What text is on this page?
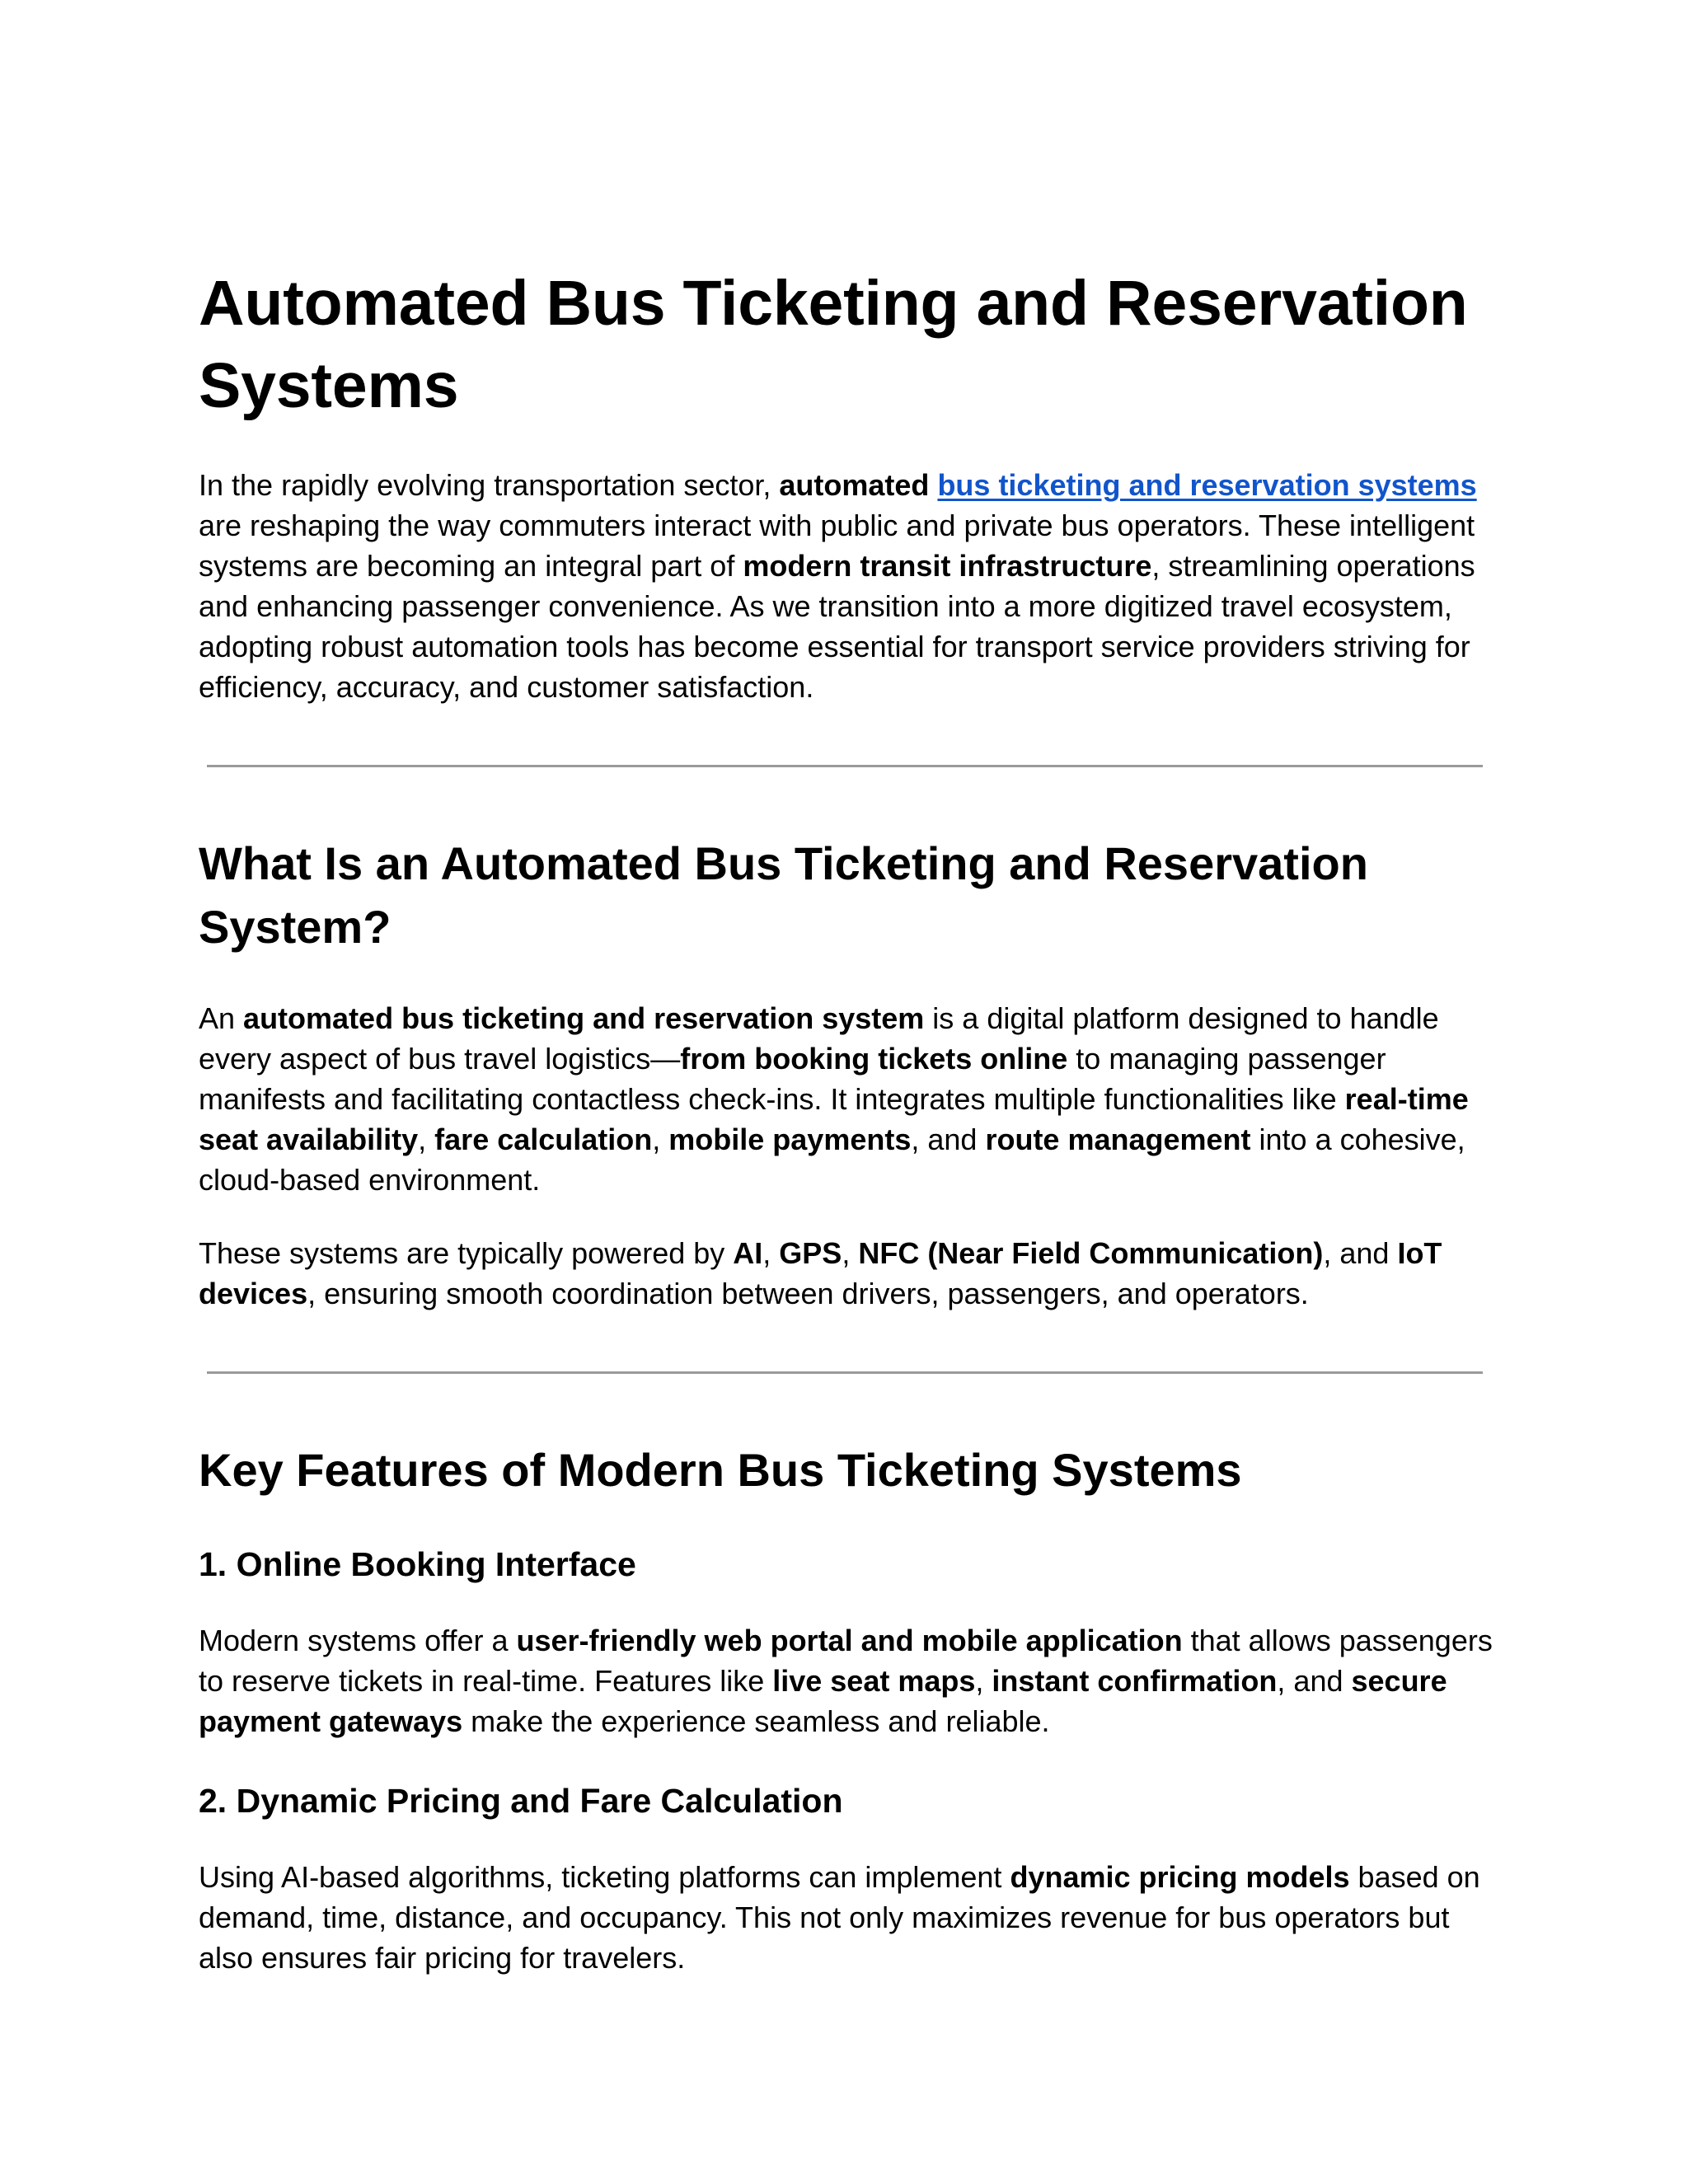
Automated Bus Ticketing and Reservation Systems

In the rapidly evolving transportation sector, automated bus ticketing and reservation systems are reshaping the way commuters interact with public and private bus operators. These intelligent systems are becoming an integral part of modern transit infrastructure, streamlining operations and enhancing passenger convenience. As we transition into a more digitized travel ecosystem, adopting robust automation tools has become essential for transport service providers striving for efficiency, accuracy, and customer satisfaction.

What Is an Automated Bus Ticketing and Reservation System?

An automated bus ticketing and reservation system is a digital platform designed to handle every aspect of bus travel logistics—from booking tickets online to managing passenger manifests and facilitating contactless check-ins. It integrates multiple functionalities like real-time seat availability, fare calculation, mobile payments, and route management into a cohesive, cloud-based environment.

These systems are typically powered by AI, GPS, NFC (Near Field Communication), and IoT devices, ensuring smooth coordination between drivers, passengers, and operators.

Key Features of Modern Bus Ticketing Systems
1. Online Booking Interface

Modern systems offer a user-friendly web portal and mobile application that allows passengers to reserve tickets in real-time. Features like live seat maps, instant confirmation, and secure payment gateways make the experience seamless and reliable.

2. Dynamic Pricing and Fare Calculation

Using AI-based algorithms, ticketing platforms can implement dynamic pricing models based on demand, time, distance, and occupancy. This not only maximizes revenue for bus operators but also ensures fair pricing for travelers.
